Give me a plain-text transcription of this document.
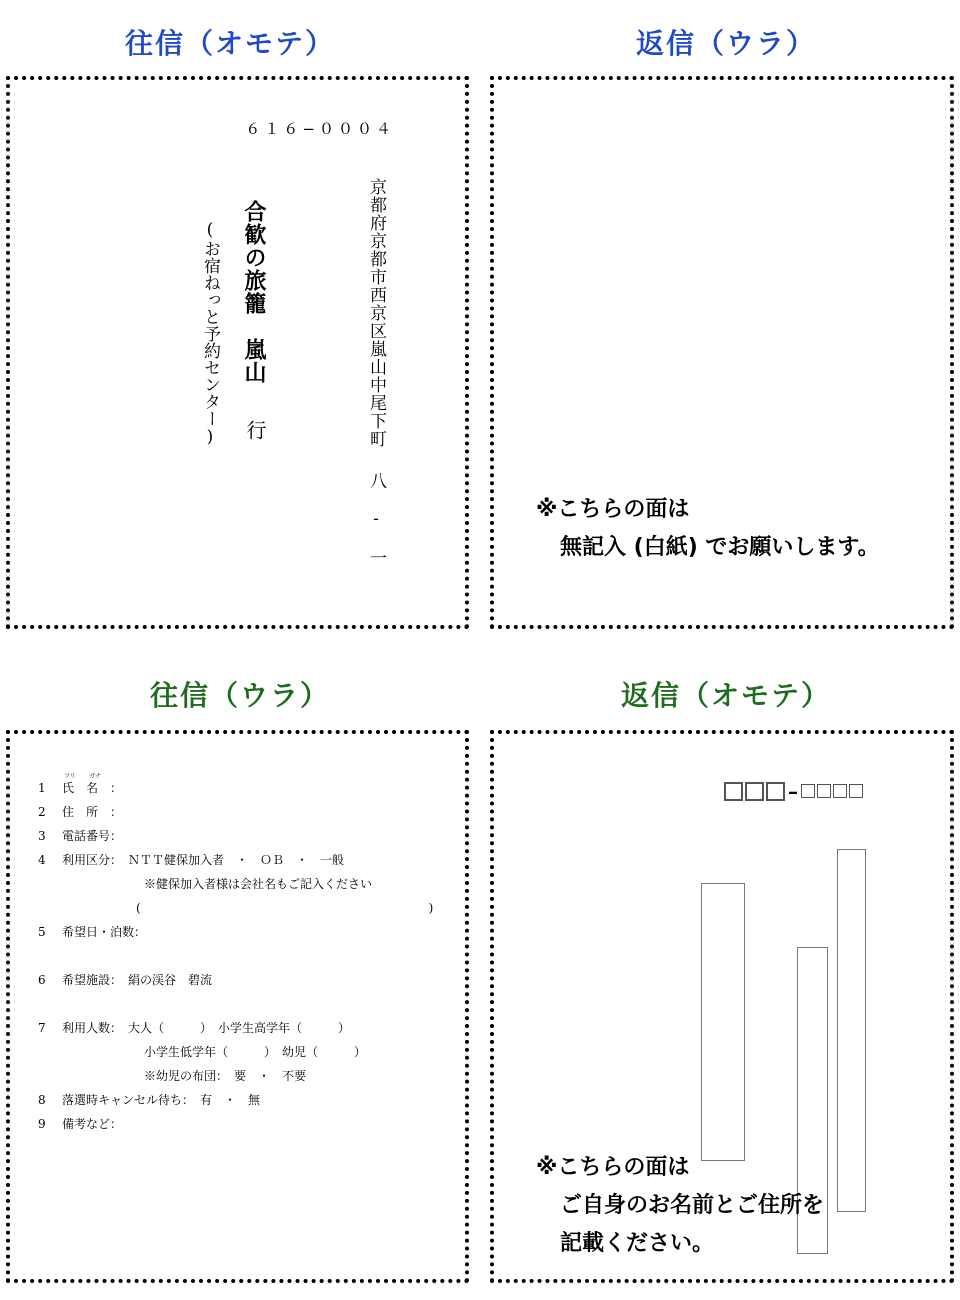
往信（オモテ）	返信（ウラ）
往信（ウラ）	返信（オモテ）
６１６−０００４
京都府京都市西京区嵐山中尾下町
八 - 一
合歓の旅籠　嵐山
行
(お宿ねっと予約センター)
※こちらの面は
無記入 (白紙) でお願いします。
フリ ガナ
1 氏　名　：
2 住　所　：
3 電話番号：
4 利用区分：　ＮＴＴ健保加入者　・　ＯＢ　・　一般
※健保加入者様は会社名もご記入ください
(　　　　　　　　　　　　　　　　　　　　　　　　)
5 希望日・泊数：
6 希望施設：　絹の渓谷　碧流
7 利用人数：　大人（　　　）　小学生高学年（　　　）
小学生低学年（　　　）　幼児（　　　）
※幼児の布団：　要　・　不要
8 落選時キャンセル待ち：　有　・　無
9 備考など：
–
※こちらの面は
ご自身のお名前とご住所を
記載ください。
